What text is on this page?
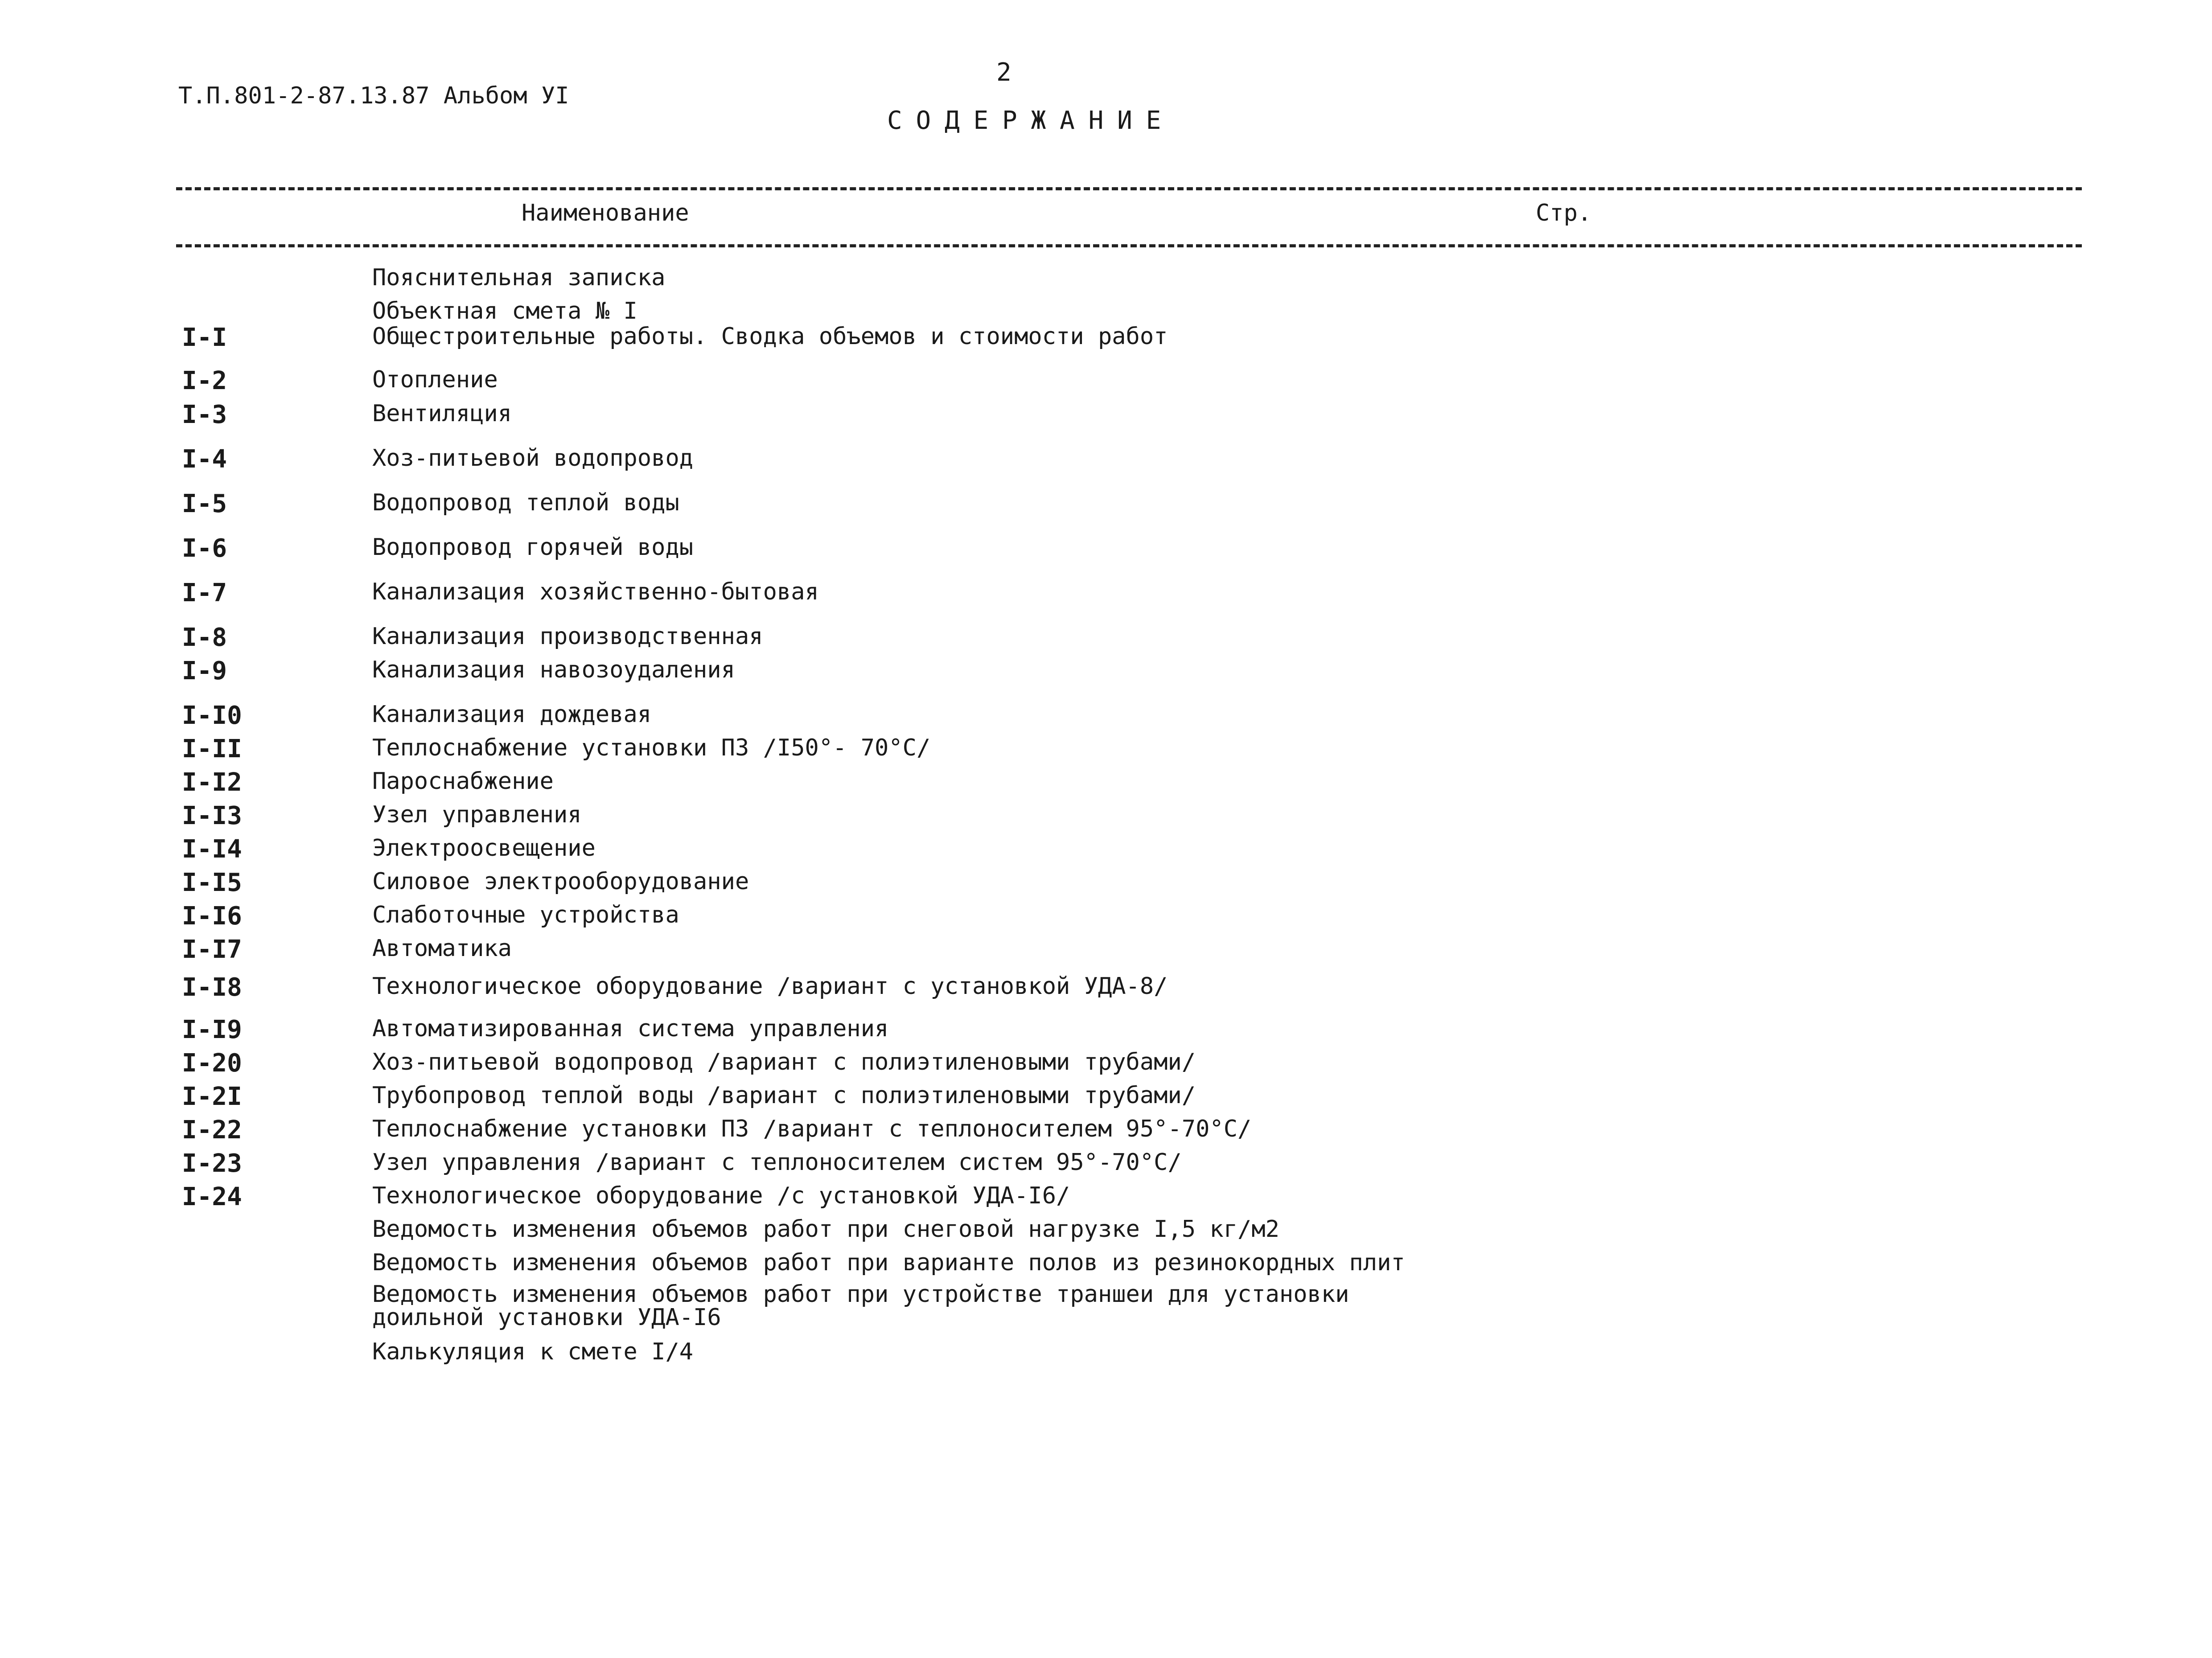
Т.П.801-2-87.13.87 Альбом УI
2
СОДЕРЖАНИЕ
Наименование	Стр.
Пояснительная записка
Объектная смета № I
I-I	Общестроительные работы. Сводка объемов и стоимости работ
I-2	Отопление
I-3	Вентиляция
I-4	Хоз-питьевой водопровод
I-5	Водопровод теплой воды
I-6	Водопровод горячей воды
I-7	Канализация хозяйственно-бытовая
I-8	Канализация производственная
I-9	Канализация навозоудаления
I-I0	Канализация дождевая
I-II	Теплоснабжение установки ПЗ /I50°- 70°С/
I-I2	Пароснабжение
I-I3	Узел управления
I-I4	Электроосвещение
I-I5	Силовое электрооборудование
I-I6	Слаботочные устройства
I-I7	Автоматика
I-I8	Технологическое оборудование /вариант с установкой УДА-8/
I-I9	Автоматизированная система управления
I-20	Хоз-питьевой водопровод /вариант с полиэтиленовыми трубами/
I-2I	Трубопровод теплой воды /вариант с полиэтиленовыми трубами/
I-22	Теплоснабжение установки ПЗ /вариант с теплоносителем 95°-70°С/
I-23	Узел управления /вариант с теплоносителем систем 95°-70°С/
I-24	Технологическое оборудование /с установкой УДА-I6/
Ведомость изменения объемов работ при снеговой нагрузке I,5 кг/м2
Ведомость изменения объемов работ при варианте полов из резинокордных плит
Ведомость изменения объемов работ при устройстве траншеи для установки
доильной установки УДА-I6
Калькуляция к смете I/4
